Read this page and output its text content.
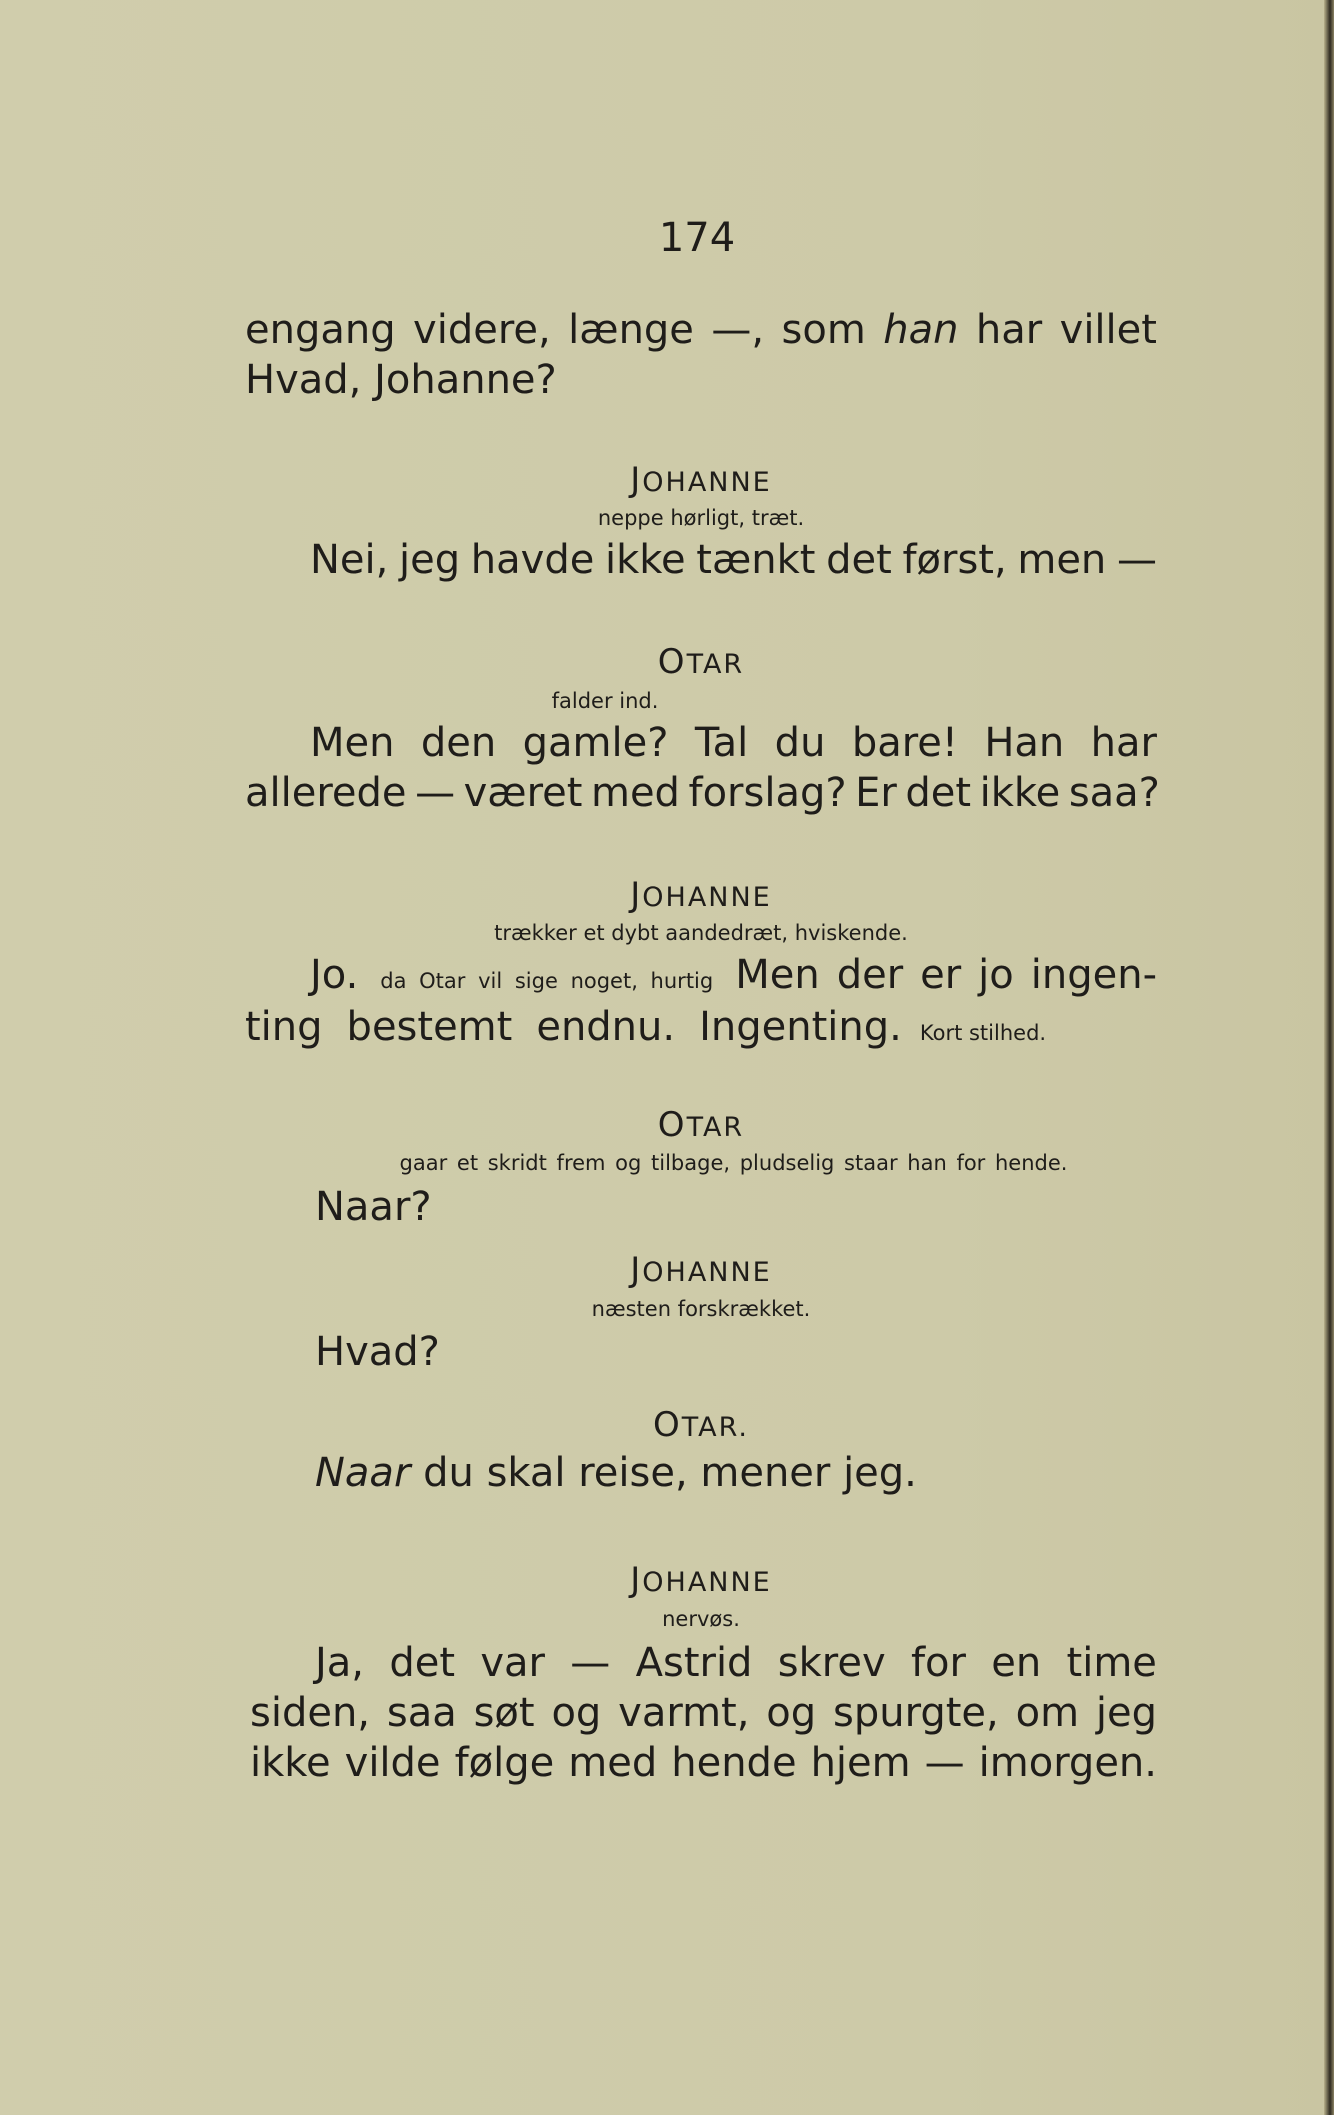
174
engang videre, længe —, som han har villet
Hvad, Johanne?
JOHANNE
neppe hørligt, træt.
Nei, jeg havde ikke tænkt det først, men —
OTAR
falder ind.
Men den gamle? Tal du bare! Han har
allerede — været med forslag? Er det ikke saa?
JOHANNE
trækker et dybt aandedræt, hviskende.
Jo. da Otar vil sige noget, hurtig Men der er jo ingen-
ting bestemt endnu. Ingenting. Kort stilhed.
OTAR
gaar et skridt frem og tilbage, pludselig staar han for hende.
Naar?
JOHANNE
næsten forskrækket.
Hvad?
OTAR.
Naar du skal reise, mener jeg.
JOHANNE
nervøs.
Ja, det var — Astrid skrev for en time
siden, saa søt og varmt, og spurgte, om jeg
ikke vilde følge med hende hjem — imorgen.
